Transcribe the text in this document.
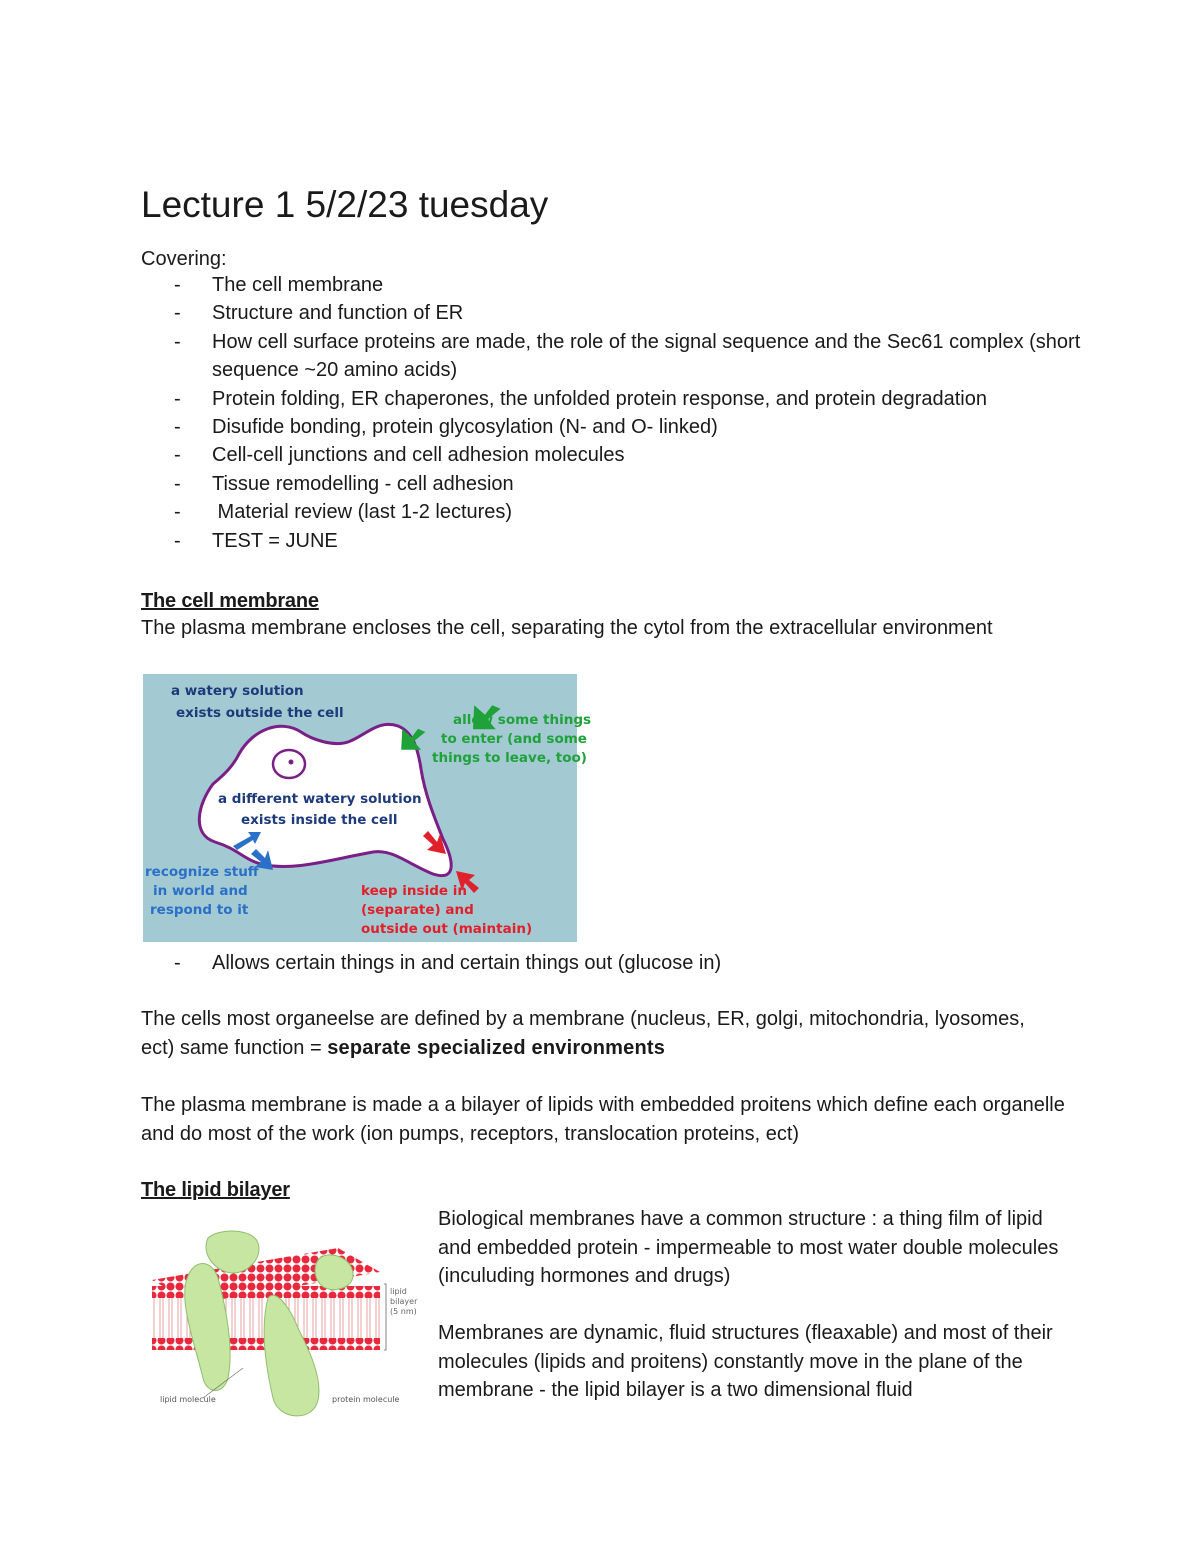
Lecture 1 5/2/23 tuesday
Covering:
- The cell membrane
- Structure and function of ER
- How cell surface proteins are made, the role of the signal sequence and the Sec61 complex (short sequence ~20 amino acids)
- Protein folding, ER chaperones, the unfolded protein response, and protein degradation
- Disufide bonding, protein glycosylation (N- and O- linked)
- Cell-cell junctions and cell adhesion molecules
- Tissue remodelling - cell adhesion
-  Material review (last 1-2 lectures)
- TEST = JUNE
The cell membrane
The plasma membrane encloses the cell, separating the cytol from the extracellular environment
a watery solution
exists outside the cell
a different watery solution
exists inside the cell
allow some things
to enter (and some
things to leave, too)
recognize stuff
in world and
respond to it
keep inside in
(separate) and
outside out (maintain)
- Allows certain things in and certain things out (glucose in)
The cells most organeelse are defined by a membrane (nucleus, ER, golgi, mitochondria, lyosomes, ect) same function = separate specialized environments
The plasma membrane is made a a bilayer of lipids with embedded proitens which define each organelle and do most of the work (ion pumps, receptors, translocation proteins, ect)
The lipid bilayer
lipid
bilayer
(5 nm)
lipid molecule	protein molecule
Biological membranes have a common structure : a thing film of lipid and embedded protein - impermeable to most water double molecules (inculuding hormones and drugs)
Membranes are dynamic, fluid structures (fleaxable) and most of their molecules (lipids and proitens) constantly move in the plane of the membrane - the lipid bilayer is a two dimensional fluid
